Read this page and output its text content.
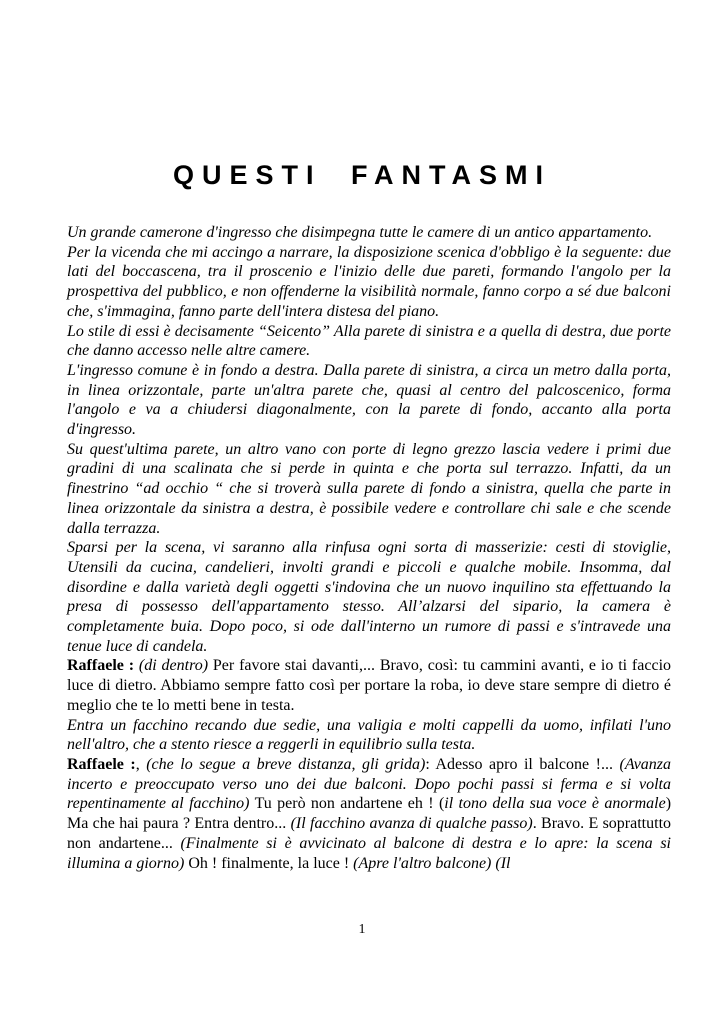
QUESTI FANTASMI

Un grande camerone d'ingresso che disimpegna tutte le camere di un antico appartamento.

Per la vicenda che mi accingo a narrare, la disposizione scenica d'obbligo è la seguente: due lati del boccascena, tra il proscenio e l'inizio delle due pareti, formando l'angolo per la prospettiva del pubblico, e non offenderne la visibilità normale, fanno corpo a sé due balconi che, s'immagina, fanno parte dell'intera distesa del piano.

Lo stile di essi è decisamente “Seicento” Alla parete di sinistra e a quella di destra, due porte che danno accesso nelle altre camere.

L'ingresso comune è in fondo a destra. Dalla parete di sinistra, a circa un metro dalla porta, in linea orizzontale, parte un'altra parete che, quasi al centro del palcoscenico, forma l'angolo e va a chiudersi diagonalmente, con la parete di fondo, accanto alla porta d'ingresso.

Su quest'ultima parete, un altro vano con porte di legno grezzo lascia vedere i primi due gradini di una scalinata che si perde in quinta e che porta sul terrazzo. Infatti, da un finestrino “ad occhio “ che si troverà sulla parete di fondo a sinistra, quella che parte in linea orizzontale da sinistra a destra, è possibile vedere e controllare chi sale e che scende dalla terrazza.

Sparsi per la scena, vi saranno alla rinfusa ogni sorta di masserizie: cesti di stoviglie, Utensili da cucina, candelieri, involti grandi e piccoli e qualche mobile. Insomma, dal disordine e dalla varietà degli oggetti s'indovina che un nuovo inquilino sta effettuando la presa di possesso dell'appartamento stesso. All’alzarsi del sipario, la camera è completamente buia. Dopo poco, si ode dall'interno un rumore di passi e s'intravede una tenue luce di candela.

Raffaele : (di dentro) Per favore stai davanti,... Bravo, così: tu cammini avanti, e io ti faccio luce di dietro. Abbiamo sempre fatto così per portare la roba, io deve stare sempre di dietro é meglio che te lo metti bene in testa.

Entra un facchino recando due sedie, una valigia e molti cappelli da uomo, infilati l'uno nell'altro, che a stento riesce a reggerli in equilibrio sulla testa.

Raffaele :, (che lo segue a breve distanza, gli grida): Adesso apro il balcone !... (Avanza incerto e preoccupato verso uno dei due balconi. Dopo pochi passi si ferma e si volta repentinamente al facchino) Tu però non andartene eh ! (il tono della sua voce è anormale) Ma che hai paura ? Entra dentro... (Il facchino avanza di qualche passo). Bravo. E soprattutto non andartene... (Finalmente si è avvicinato al balcone di destra e lo apre: la scena si illumina a giorno) Oh ! finalmente, la luce ! (Apre l'altro balcone) (Il

1
